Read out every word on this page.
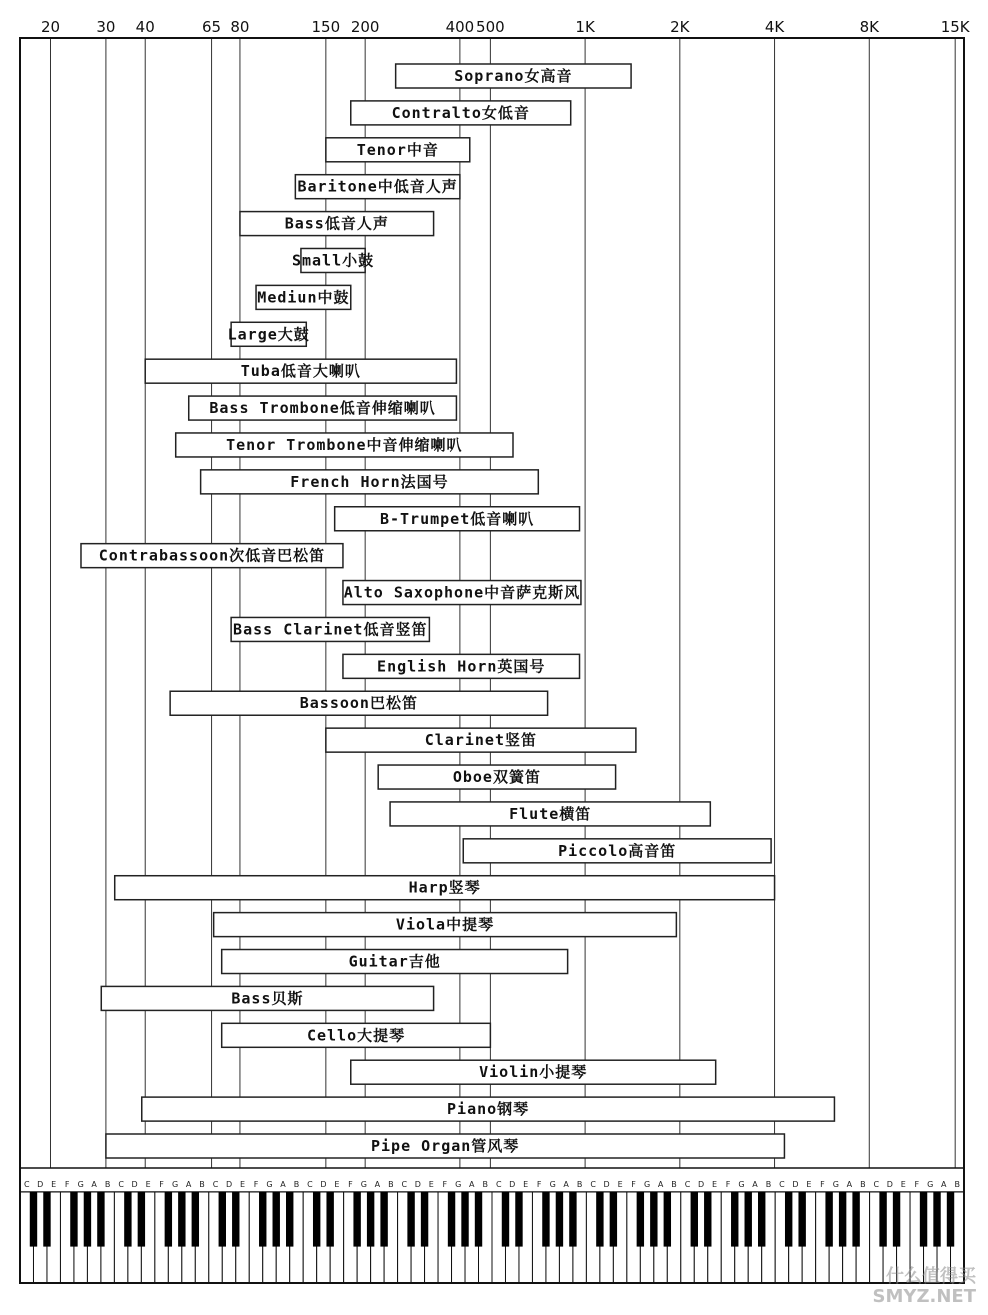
20 30 40	65 80	150 200	400 500	1K	2K	4K	8K	15K
Soprano女高音
Contralto女低音
Tenor中音
Baritone中低音人声
Bass低音人声
Small小鼓
Mediun中鼓
Large大鼓
Tuba低音大喇叭
Bass Trombone低音伸缩喇叭
Tenor Trombone中音伸缩喇叭
French Horn法国号
B-Trumpet低音喇叭
Contrabassoon次低音巴松笛
Alto Saxophone中音萨克斯风
Bass Clarinet低音竖笛
English Horn英国号
Bassoon巴松笛
Clarinet竖笛
Oboe双簧笛
Flute横笛
Piccolo高音笛
Harp竖琴
Viola中提琴
Guitar吉他
Bass贝斯
Cello大提琴
Violin小提琴
Piano钢琴
Pipe Organ管风琴
C D E F G A B C D E F G A B C D E F G A B C D E F G A B C D E F G A B C D E F G A B C D E F G A B C D E F G A B C D E F G A B C D E F G A B
什么值得买
SMYZ.NET
